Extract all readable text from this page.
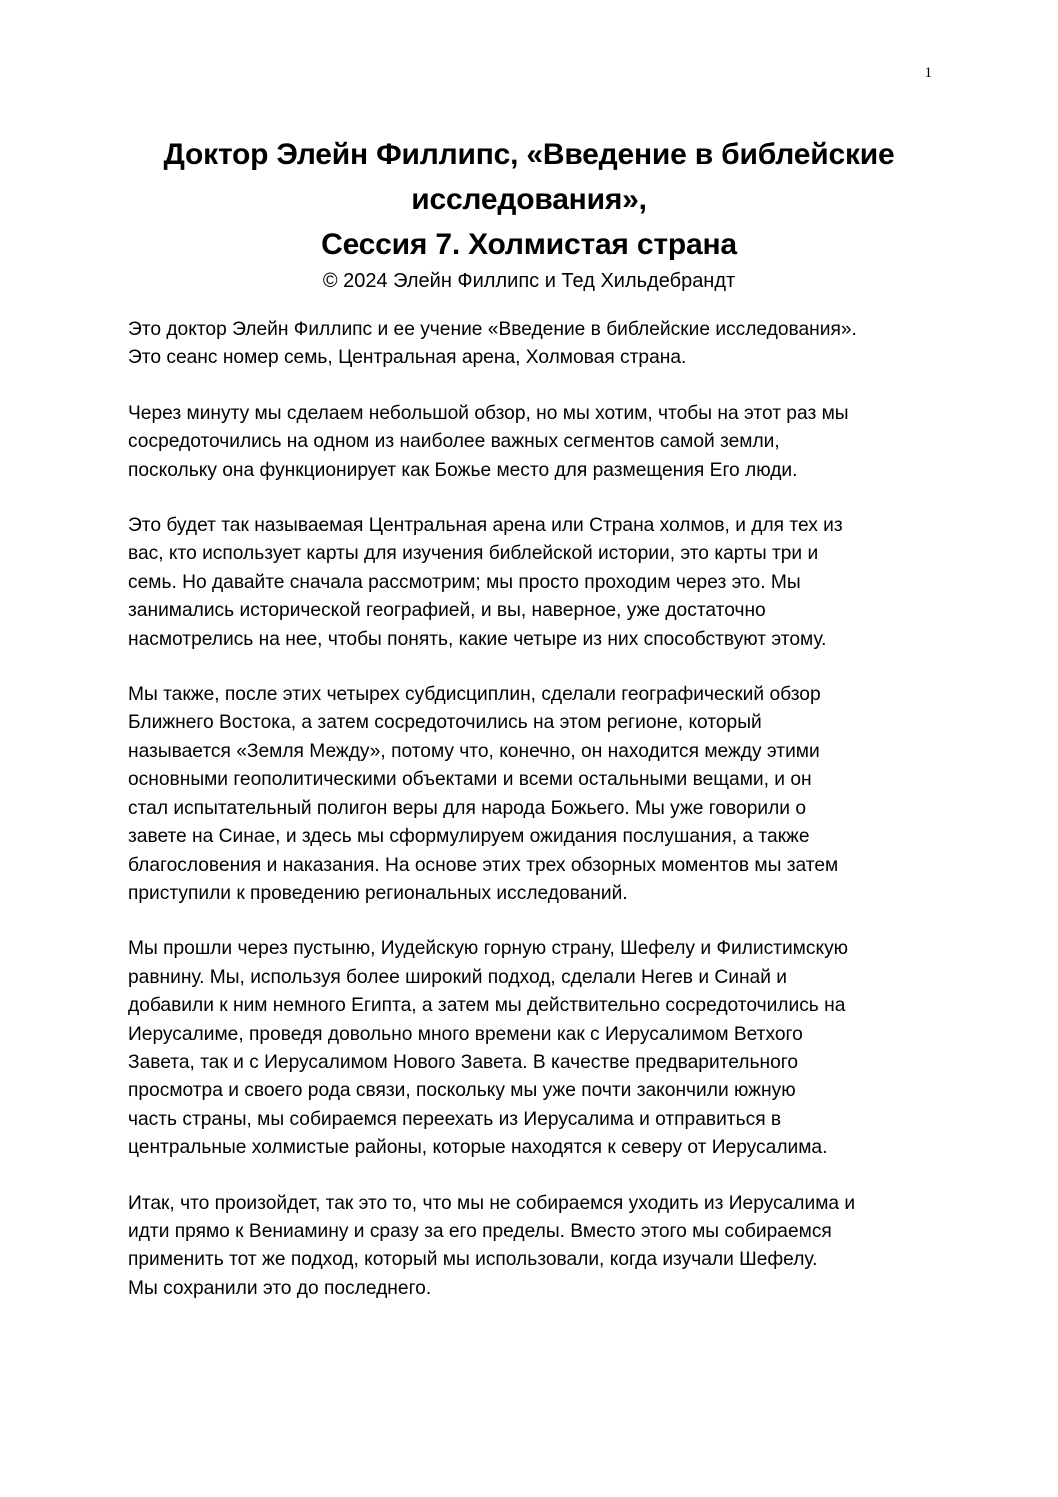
1
Доктор Элейн Филлипс, «Введение в библейские
исследования»,
Сессия 7. Холмистая страна
© 2024 Элейн Филлипс и Тед Хильдебрандт

Это доктор Элейн Филлипс и ее учение «Введение в библейские исследования».
Это сеанс номер семь, Центральная арена, Холмовая страна.

Через минуту мы сделаем небольшой обзор, но мы хотим, чтобы на этот раз мы
сосредоточились на одном из наиболее важных сегментов самой земли,
поскольку она функционирует как Божье место для размещения Его люди.

Это будет так называемая Центральная арена или Страна холмов, и для тех из
вас, кто использует карты для изучения библейской истории, это карты три и
семь. Но давайте сначала рассмотрим; мы просто проходим через это. Мы
занимались исторической географией, и вы, наверное, уже достаточно
насмотрелись на нее, чтобы понять, какие четыре из них способствуют этому.

Мы также, после этих четырех субдисциплин, сделали географический обзор
Ближнего Востока, а затем сосредоточились на этом регионе, который
называется «Земля Между», потому что, конечно, он находится между этими
основными геополитическими объектами и всеми остальными вещами, и он
стал испытательный полигон веры для народа Божьего. Мы уже говорили о
завете на Синае, и здесь мы сформулируем ожидания послушания, а также
благословения и наказания. На основе этих трех обзорных моментов мы затем
приступили к проведению региональных исследований.

Мы прошли через пустыню, Иудейскую горную страну, Шефелу и Филистимскую
равнину. Мы, используя более широкий подход, сделали Негев и Синай и
добавили к ним немного Египта, а затем мы действительно сосредоточились на
Иерусалиме, проведя довольно много времени как с Иерусалимом Ветхого
Завета, так и с Иерусалимом Нового Завета. В качестве предварительного
просмотра и своего рода связи, поскольку мы уже почти закончили южную
часть страны, мы собираемся переехать из Иерусалима и отправиться в
центральные холмистые районы, которые находятся к северу от Иерусалима.

Итак, что произойдет, так это то, что мы не собираемся уходить из Иерусалима и
идти прямо к Вениамину и сразу за его пределы. Вместо этого мы собираемся
применить тот же подход, который мы использовали, когда изучали Шефелу.
Мы сохранили это до последнего.
